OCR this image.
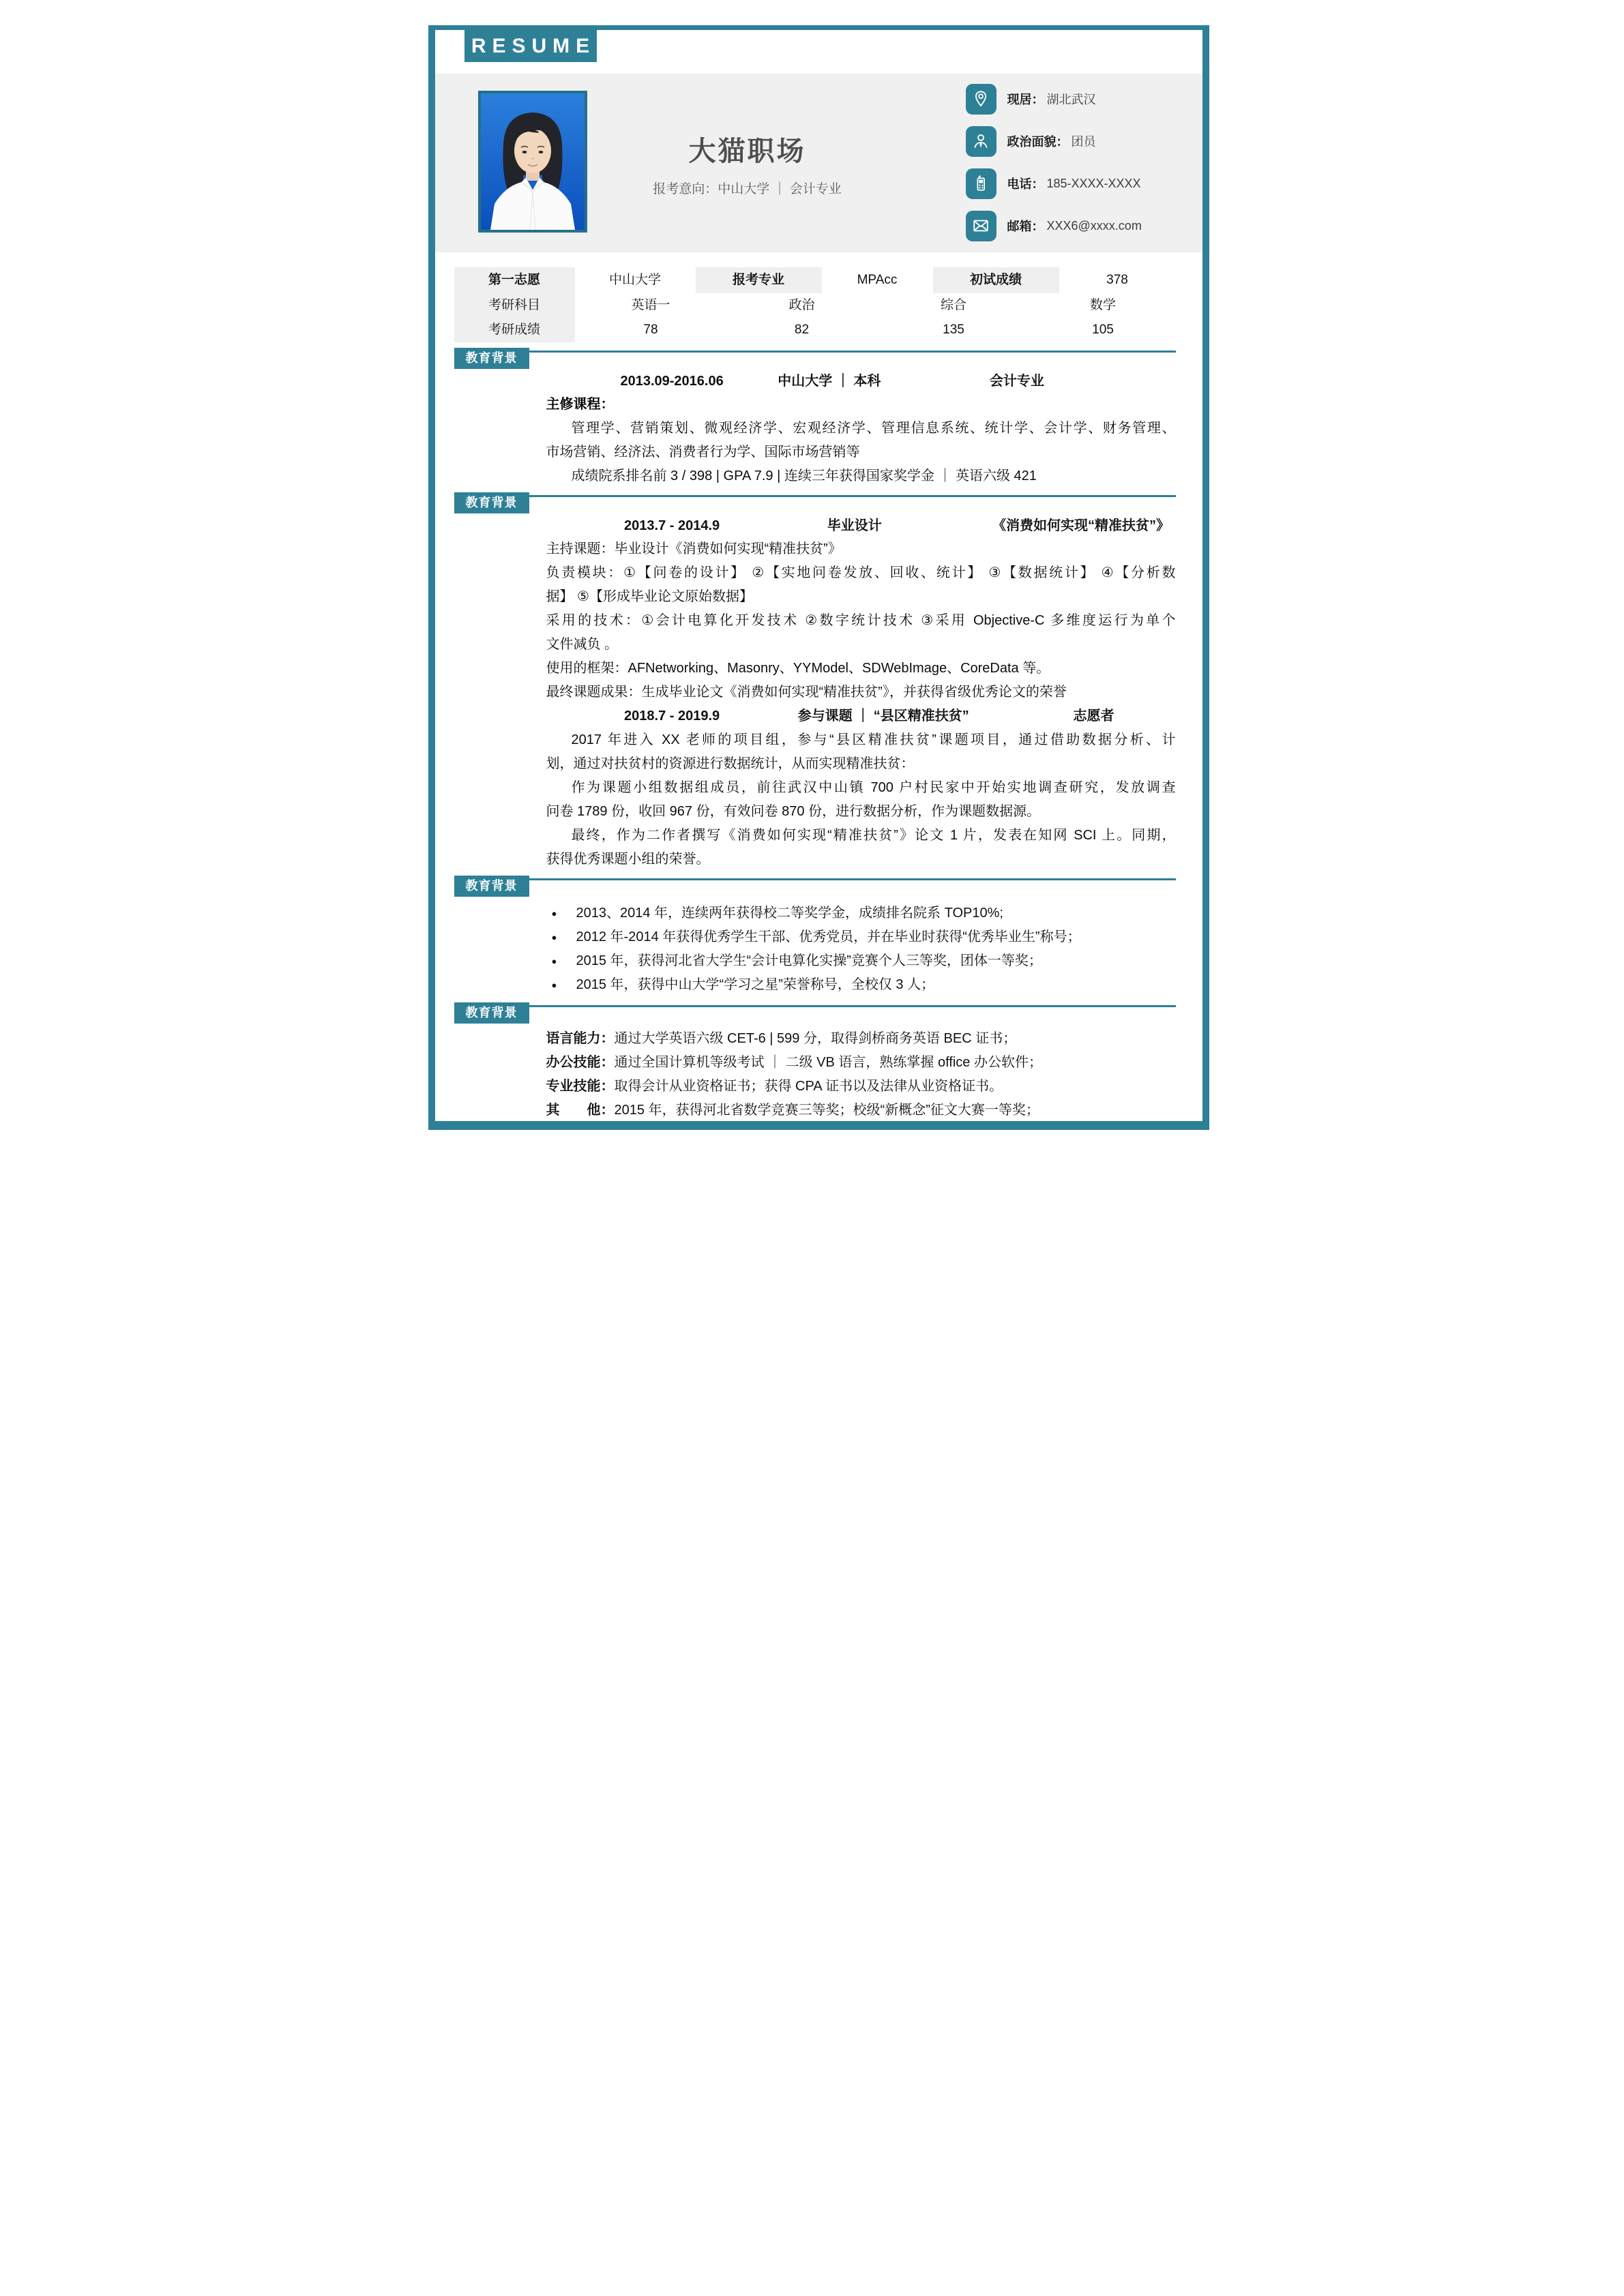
RESUME
大猫职场
报考意向：中山大学 ｜ 会计专业
现居： 湖北武汉
政治面貌： 团员
电话： 185-XXXX-XXXX
邮箱： XXX6@xxxx.com
第一志愿	中山大学	报考专业	MPAcc	初试成绩	378
考研科目	英语一	政治	综合	数学
考研成绩	78	82	135	105
教育背景
2013.09-2016.06	中山大学 ｜ 本科	会计专业
主修课程：
管理学、营销策划、微观经济学、宏观经济学、管理信息系统、统计学、会计学、财务管理、
市场营销、经济法、消费者行为学、国际市场营销等
成绩院系排名前 3 / 398 | GPA 7.9 | 连续三年获得国家奖学金 ｜ 英语六级 421
教育背景
2013.7 - 2014.9	毕业设计	《消费如何实现“精准扶贫”》
主持课题：毕业设计《消费如何实现“精准扶贫”》
负责模块：①【问卷的设计】 ②【实地问卷发放、回收、统计】 ③【数据统计】 ④【分析数
据】 ⑤【形成毕业论文原始数据】
采用的技术：①会计电算化开发技术 ②数字统计技术 ③采用 Objective-C 多维度运行为单个
文件减负 。
使用的框架：AFNetworking、Masonry、YYModel、SDWebImage、CoreData 等。
最终课题成果：生成毕业论文《消费如何实现“精准扶贫”》，并获得省级优秀论文的荣誉
2018.7 - 2019.9	参与课题 ｜ “县区精准扶贫”	志愿者
2017 年进入 XX 老师的项目组，参与“县区精准扶贫”课题项目，通过借助数据分析、计
划，通过对扶贫村的资源进行数据统计，从而实现精准扶贫：
作为课题小组数据组成员，前往武汉中山镇 700 户村民家中开始实地调查研究，发放调查
问卷 1789 份，收回 967 份，有效问卷 870 份，进行数据分析，作为课题数据源。
最终，作为二作者撰写《消费如何实现“精准扶贫”》论文 1 片，发表在知网 SCI 上。同期，
获得优秀课题小组的荣誉。
教育背景
● 2013、2014 年，连续两年获得校二等奖学金，成绩排名院系 TOP10%;
● 2012 年-2014 年获得优秀学生干部、优秀党员，并在毕业时获得“优秀毕业生”称号；
● 2015 年，获得河北省大学生“会计电算化实操”竞赛个人三等奖，团体一等奖；
● 2015 年，获得中山大学“学习之星”荣誉称号，全校仅 3 人；
教育背景
语言能力：通过大学英语六级 CET-6 | 599 分，取得剑桥商务英语 BEC 证书；
办公技能：通过全国计算机等级考试 ｜ 二级 VB 语言，熟练掌握 office 办公软件；
专业技能：取得会计从业资格证书；获得 CPA 证书以及法律从业资格证书。
其　　他：2015 年，获得河北省数学竞赛三等奖；校级“新概念”征文大赛一等奖；
